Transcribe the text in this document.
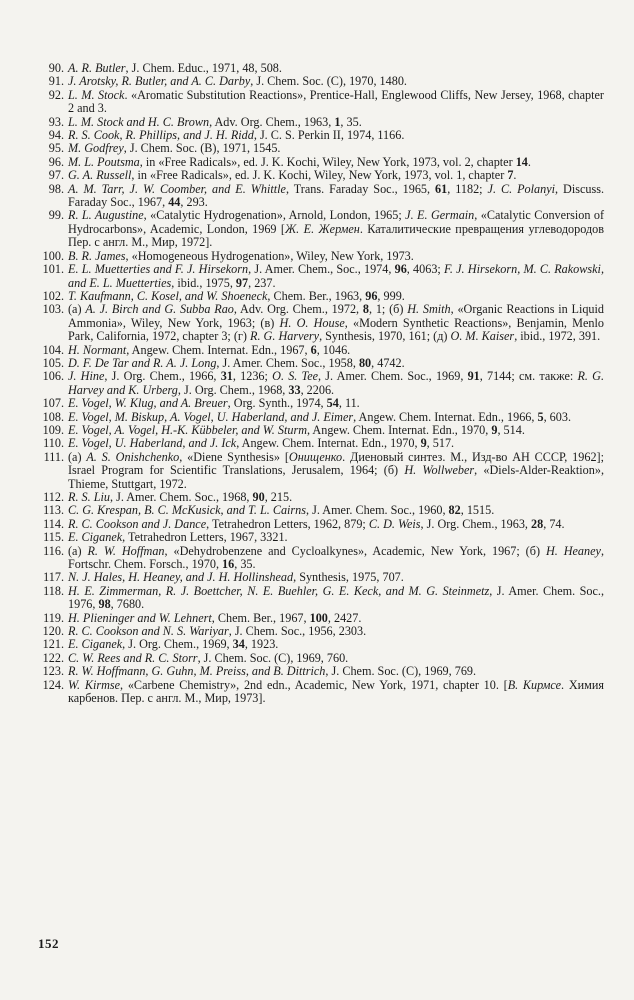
90. A. R. Butler, J. Chem. Educ., 1971, 48, 508.
91. J. Arotsky, R. Butler, and A. C. Darby, J. Chem. Soc. (C), 1970, 1480.
92. L. M. Stock. «Aromatic Substitution Reactions», Prentice-Hall, Englewood Cliffs, New Jersey, 1968, chapter 2 and 3.
93. L. M. Stock and H. C. Brown, Adv. Org. Chem., 1963, 1, 35.
94. R. S. Cook, R. Phillips, and J. H. Ridd, J. C. S. Perkin II, 1974, 1166.
95. M. Godfrey, J. Chem. Soc. (B), 1971, 1545.
96. M. L. Poutsma, in «Free Radicals», ed. J. K. Kochi, Wiley, New York, 1973, vol. 2, chapter 14.
97. G. A. Russell, in «Free Radicals», ed. J. K. Kochi, Wiley, New York, 1973, vol. 1, chapter 7.
98. A. M. Tarr, J. W. Coomber, and E. Whittle, Trans. Faraday Soc., 1965, 61, 1182; J. C. Polanyi, Discuss. Faraday Soc., 1967, 44, 293.
99. R. L. Augustine, «Catalytic Hydrogenation», Arnold, London, 1965; J. E. Germain, «Catalytic Conversion of Hydrocarbons», Academic, London, 1969 [Ж. Е. Жермен. Каталитические превращения углеводородов Пер. с англ. М., Мир, 1972].
100. B. R. James, «Homogeneous Hydrogenation», Wiley, New York, 1973.
101. E. L. Muetterties and F. J. Hirsekorn, J. Amer. Chem., Soc., 1974, 96, 4063; F. J. Hirsekorn, M. C. Rakowski, and E. L. Muetterties, ibid., 1975, 97, 237.
102. T. Kaufmann, C. Kosel, and W. Shoeneck, Chem. Ber., 1963, 96, 999.
103. (а) A. J. Birch and G. Subba Rao, Adv. Org. Chem., 1972, 8, 1; (б) H. Smith, «Organic Reactions in Liquid Ammonia», Wiley, New York, 1963; (в) H. O. House, «Modern Synthetic Reactions», Benjamin, Menlo Park, California, 1972, chapter 3; (г) R. G. Harvery, Synthesis, 1970, 161; (д) O. M. Kaiser, ibid., 1972, 391.
104. H. Normant, Angew. Chem. Internat. Edn., 1967, 6, 1046.
105. D. F. De Tar and R. A. J. Long, J. Amer. Chem. Soc., 1958, 80, 4742.
106. J. Hine, J. Org. Chem., 1966, 31, 1236; O. S. Tee, J. Amer. Chem. Soc., 1969, 91, 7144; см. также: R. G. Harvey and K. Urberg, J. Org. Chem., 1968, 33, 2206.
107. E. Vogel, W. Klug, and A. Breuer, Org. Synth., 1974, 54, 11.
108. E. Vogel, M. Biskup, A. Vogel, U. Haberland, and J. Eimer, Angew. Chem. Internat. Edn., 1966, 5, 603.
109. E. Vogel, A. Vogel, H.-K. Kübbeler, and W. Sturm, Angew. Chem. Internat. Edn., 1970, 9, 514.
110. E. Vogel, U. Haberland, and J. Ick, Angew. Chem. Internat. Edn., 1970, 9, 517.
111. (а) A. S. Onishchenko, «Diene Synthesis» [Онищенко. Диеновый синтез. М., Изд-во АН СССР, 1962]; Israel Program for Scientific Translations, Jerusalem, 1964; (б) H. Wollweber, «Diels-Alder-Reaktion», Thieme, Stuttgart, 1972.
112. R. S. Liu, J. Amer. Chem. Soc., 1968, 90, 215.
113. C. G. Krespan, B. C. McKusick, and T. L. Cairns, J. Amer. Chem. Soc., 1960, 82, 1515.
114. R. C. Cookson and J. Dance, Tetrahedron Letters, 1962, 879; C. D. Weis, J. Org. Chem., 1963, 28, 74.
115. E. Ciganek, Tetrahedron Letters, 1967, 3321.
116. (а) R. W. Hoffman, «Dehydrobenzene and Cycloalkynes», Academic, New York, 1967; (б) H. Heaney, Fortschr. Chem. Forsch., 1970, 16, 35.
117. N. J. Hales, H. Heaney, and J. H. Hollinshead, Synthesis, 1975, 707.
118. H. E. Zimmerman, R. J. Boettcher, N. E. Buehler, G. E. Keck, and M. G. Steinmetz, J. Amer. Chem. Soc., 1976, 98, 7680.
119. H. Plieninger and W. Lehnert, Chem. Ber., 1967, 100, 2427.
120. R. C. Cookson and N. S. Wariyar, J. Chem. Soc., 1956, 2303.
121. E. Ciganek, J. Org. Chem., 1969, 34, 1923.
122. C. W. Rees and R. C. Storr, J. Chem. Soc. (C), 1969, 760.
123. R. W. Hoffmann, G. Guhn, M. Preiss, and B. Dittrich, J. Chem. Soc. (C), 1969, 769.
124. W. Kirmse, «Carbene Chemistry», 2nd edn., Academic, New York, 1971, chapter 10. [В. Кирмсе. Химия карбенов. Пер. с англ. М., Мир, 1973].
152
